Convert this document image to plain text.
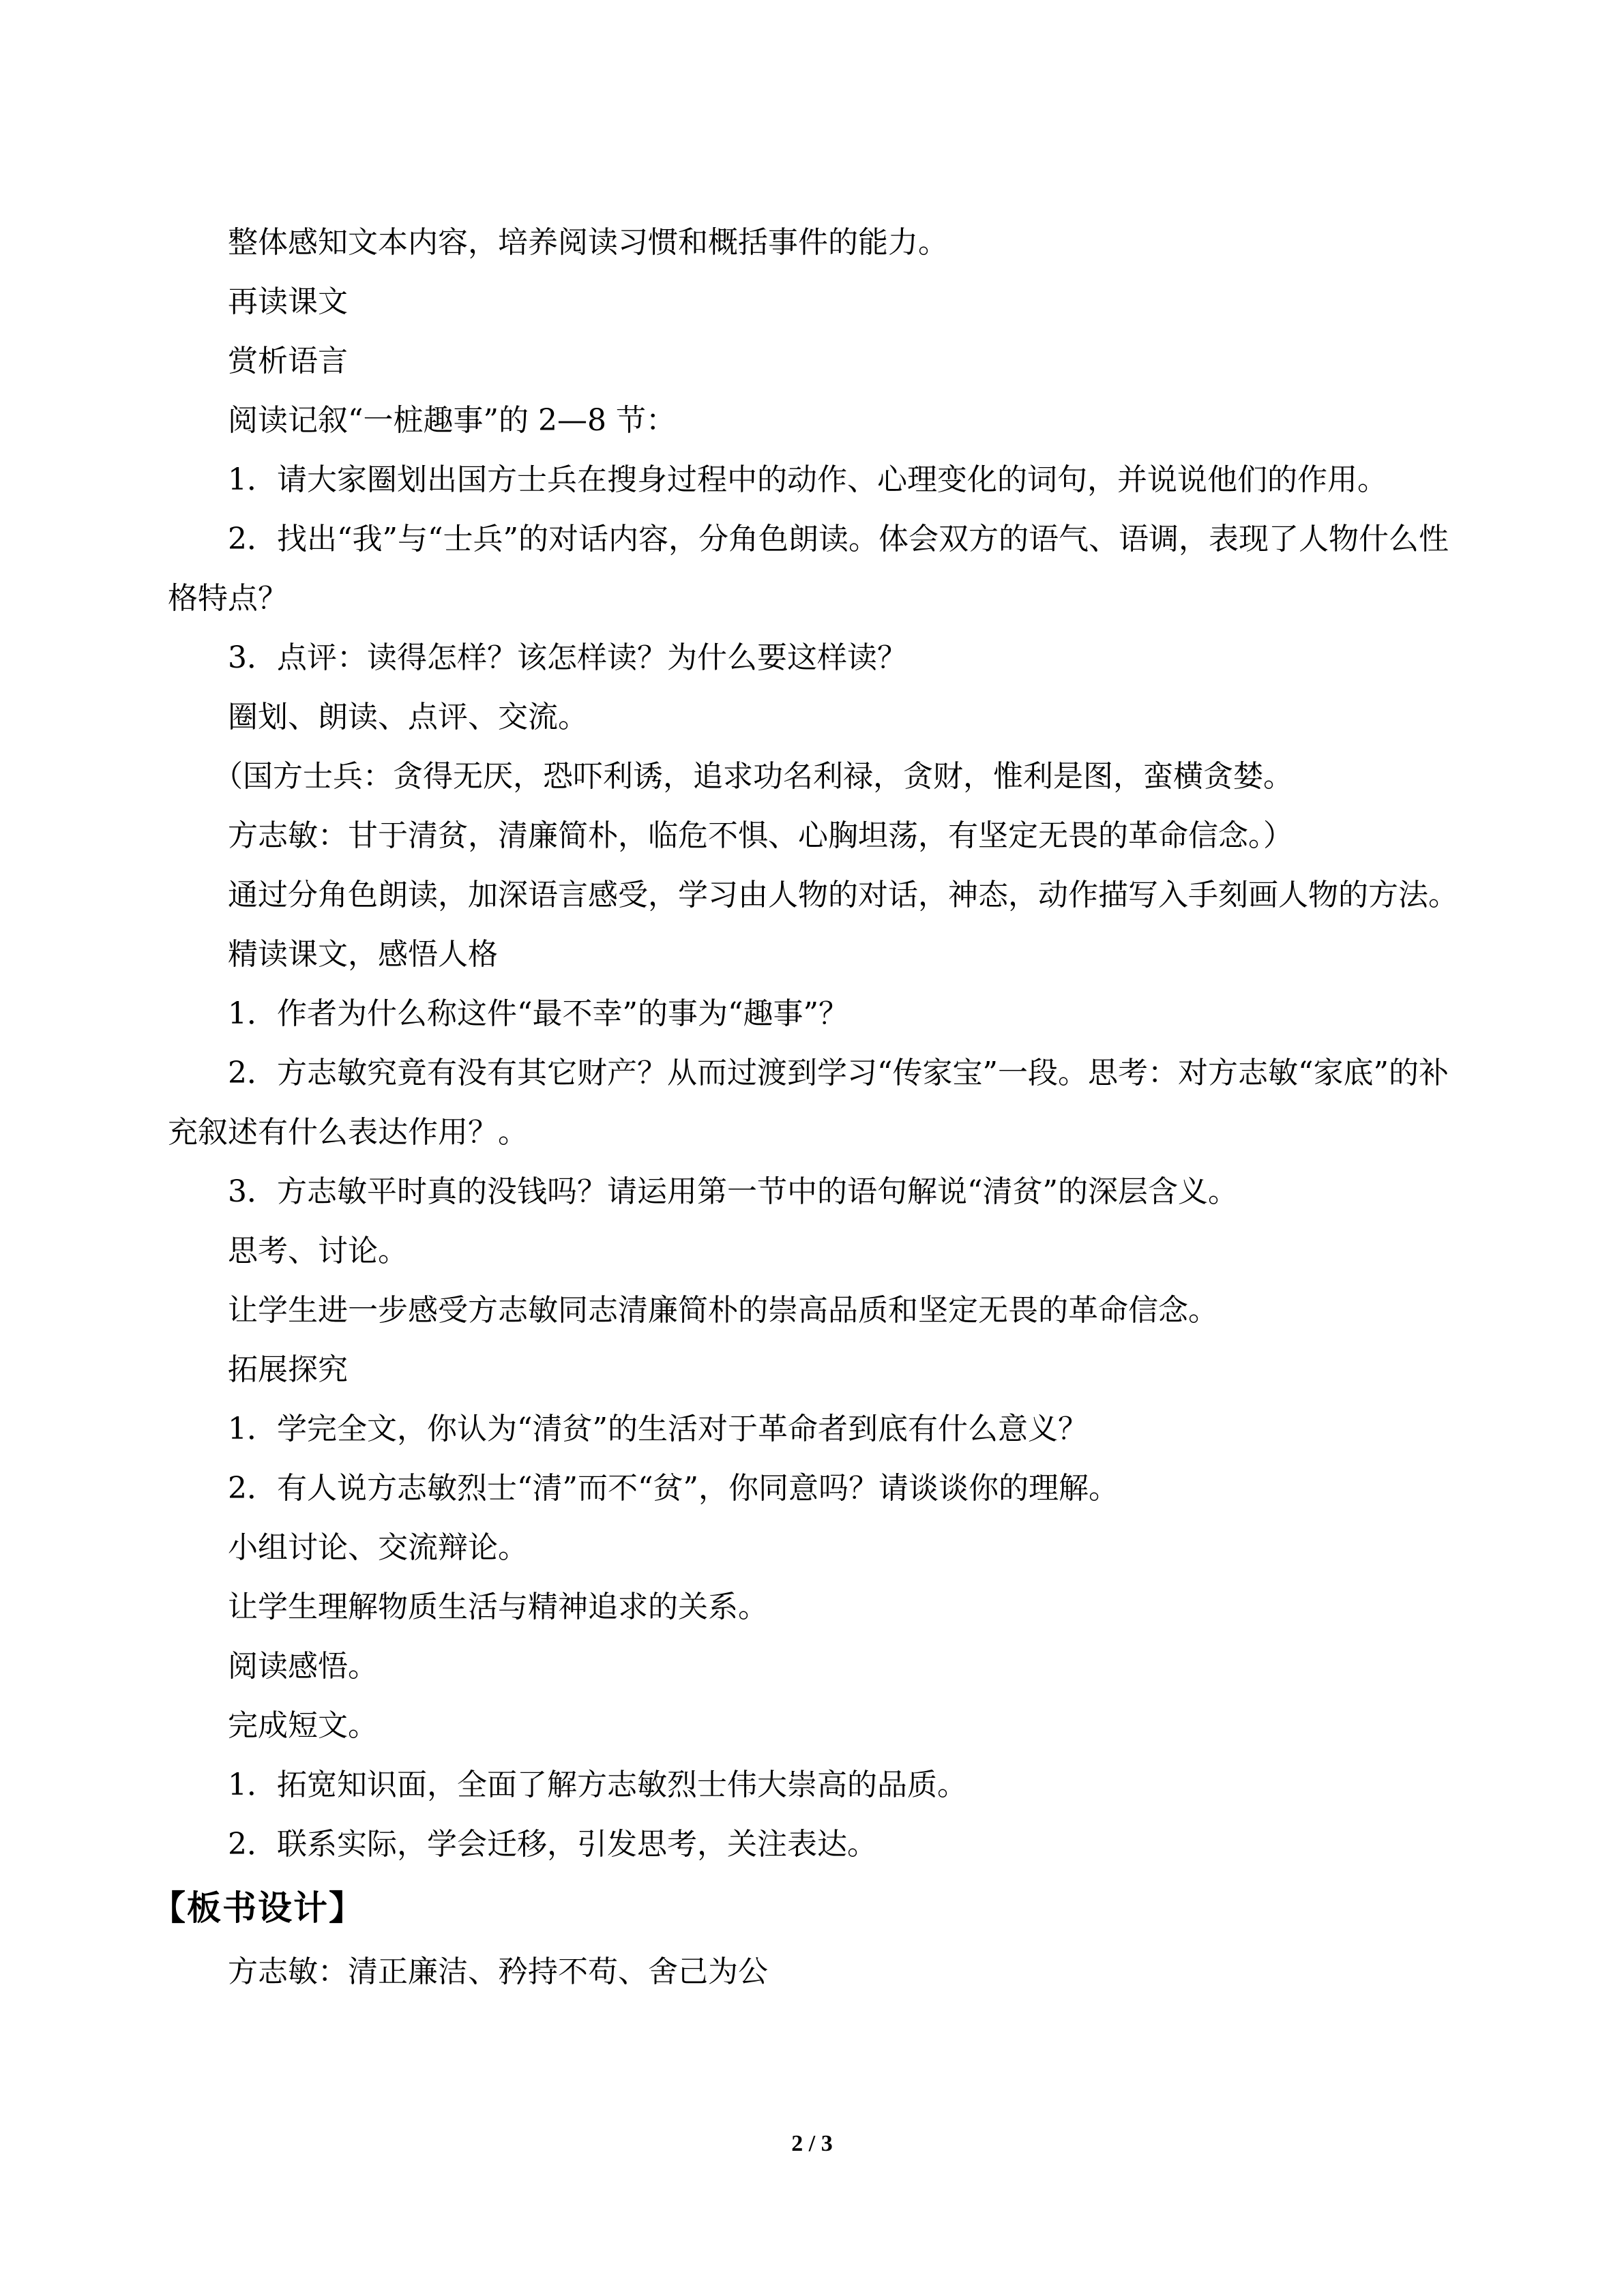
整体感知文本内容，培养阅读习惯和概括事件的能力。

再读课文

赏析语言

阅读记叙“一桩趣事”的 2—8 节：

1．请大家圈划出国方士兵在搜身过程中的动作、心理变化的词句，并说说他们的作用。

2．找出“我”与“士兵”的对话内容，分角色朗读。体会双方的语气、语调，表现了人物什么性格特点？

3．点评：读得怎样？该怎样读？为什么要这样读？

圈划、朗读、点评、交流。

（国方士兵：贪得无厌，恐吓利诱，追求功名利禄，贪财，惟利是图，蛮横贪婪。

方志敏：甘于清贫，清廉简朴，临危不惧、心胸坦荡，有坚定无畏的革命信念。）

通过分角色朗读，加深语言感受，学习由人物的对话，神态，动作描写入手刻画人物的方法。

精读课文，感悟人格

1．作者为什么称这件“最不幸”的事为“趣事”？

2．方志敏究竟有没有其它财产？从而过渡到学习“传家宝”一段。思考：对方志敏“家底”的补充叙述有什么表达作用？。

3．方志敏平时真的没钱吗？请运用第一节中的语句解说“清贫”的深层含义。

思考、讨论。

让学生进一步感受方志敏同志清廉简朴的崇高品质和坚定无畏的革命信念。

拓展探究

1．学完全文，你认为“清贫”的生活对于革命者到底有什么意义？

2．有人说方志敏烈士“清”而不“贫”，你同意吗？请谈谈你的理解。

小组讨论、交流辩论。

让学生理解物质生活与精神追求的关系。

阅读感悟。

完成短文。

1．拓宽知识面，全面了解方志敏烈士伟大崇高的品质。

2．联系实际，学会迁移，引发思考，关注表达。

【板书设计】

方志敏：清正廉洁、矜持不苟、舍己为公

2 / 3
